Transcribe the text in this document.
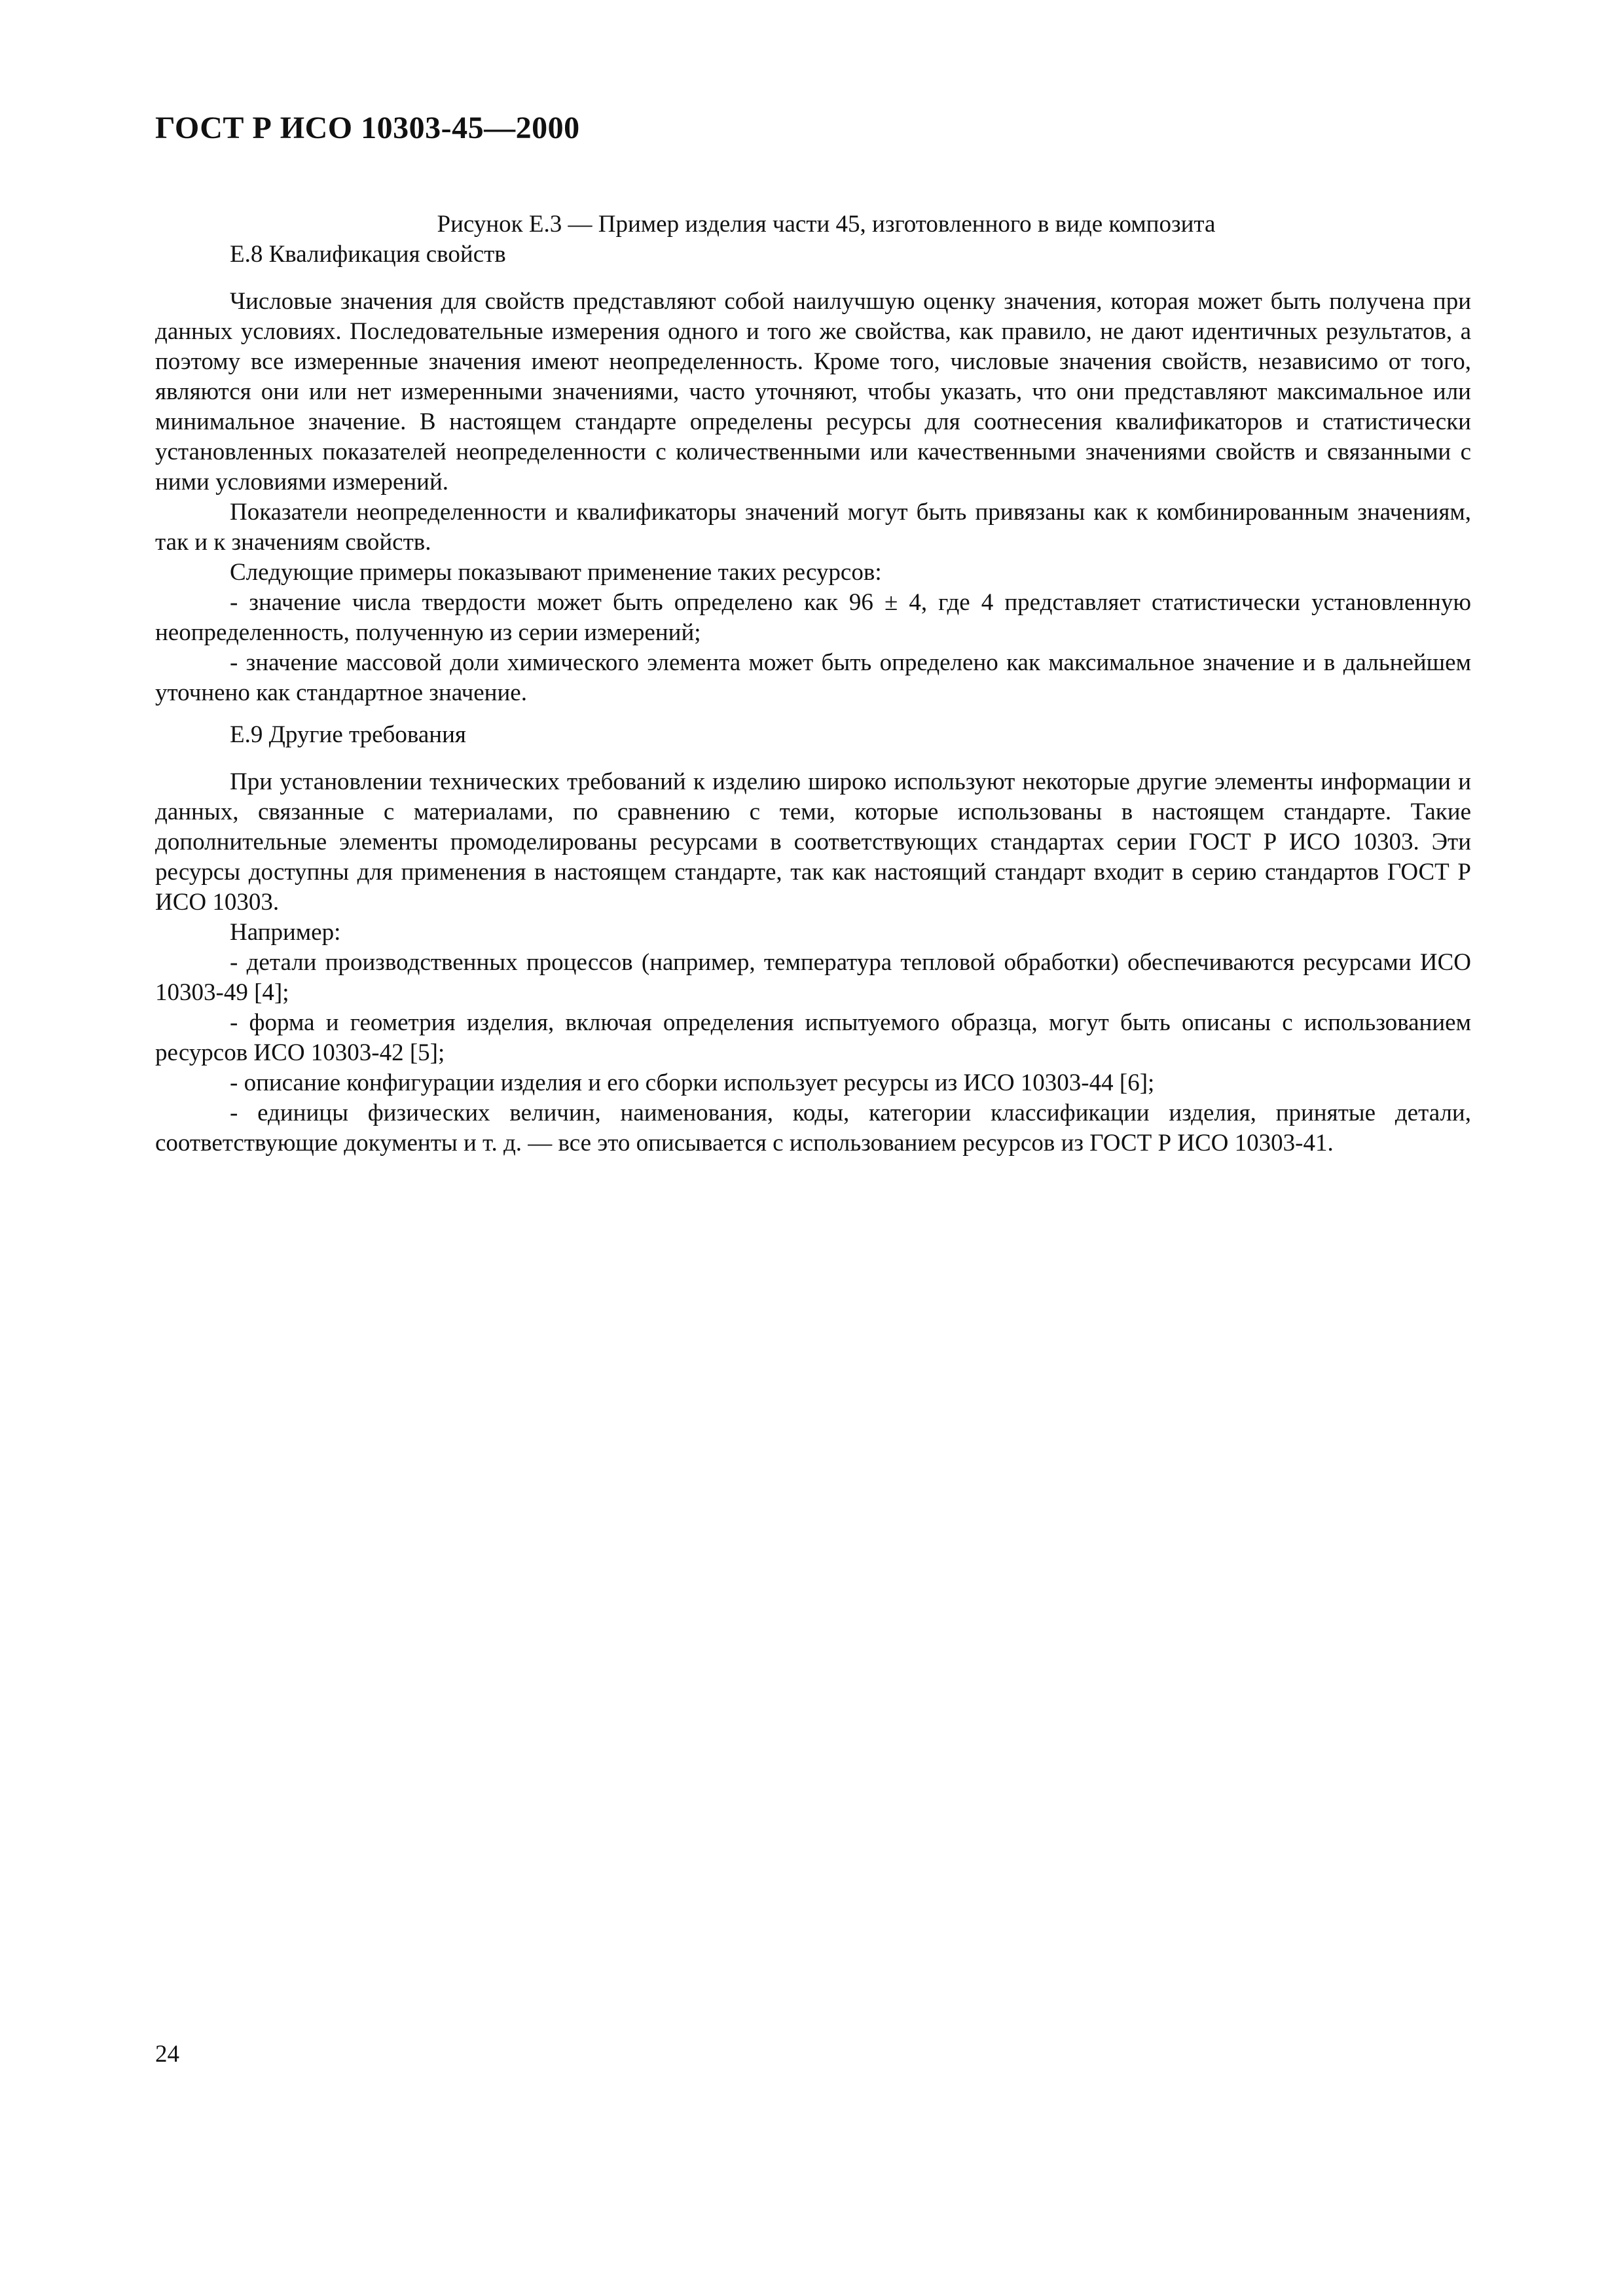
ГОСТ Р ИСО 10303-45—2000

Рисунок Е.3 — Пример изделия части 45, изготовленного в виде композита

Е.8 Квалификация свойств

Числовые значения для свойств представляют собой наилучшую оценку значения, которая может быть получена при данных условиях. Последовательные измерения одного и того же свойства, как правило, не дают идентичных результатов, а поэтому все измеренные значения имеют неопределенность. Кроме того, числовые значения свойств, независимо от того, являются они или нет измеренными значениями, часто уточняют, чтобы указать, что они представляют максимальное или минимальное значение. В настоящем стандарте определены ресурсы для соотнесения квалификаторов и статистически установленных показателей неопределенности с количественными или качественными значениями свойств и связанными с ними условиями измерений.

Показатели неопределенности и квалификаторы значений могут быть привязаны как к комбинированным значениям, так и к значениям свойств.

Следующие примеры показывают применение таких ресурсов:

- значение числа твердости может быть определено как 96 ± 4, где 4 представляет статистически установленную неопределенность, полученную из серии измерений;

- значение массовой доли химического элемента может быть определено как максимальное значение и в дальнейшем уточнено как стандартное значение.

Е.9 Другие требования

При установлении технических требований к изделию широко используют некоторые другие элементы информации и данных, связанные с материалами, по сравнению с теми, которые использованы в настоящем стандарте. Такие дополнительные элементы промоделированы ресурсами в соответствующих стандартах серии ГОСТ Р ИСО 10303. Эти ресурсы доступны для применения в настоящем стандарте, так как настоящий стандарт входит в серию стандартов ГОСТ Р ИСО 10303.

Например:

- детали производственных процессов (например, температура тепловой обработки) обеспечиваются ресурсами ИСО 10303-49 [4];

- форма и геометрия изделия, включая определения испытуемого образца, могут быть описаны с использованием ресурсов ИСО 10303-42 [5];

- описание конфигурации изделия и его сборки использует ресурсы из ИСО 10303-44 [6];

- единицы физических величин, наименования, коды, категории классификации изделия, принятые детали, соответствующие документы и т. д. — все это описывается с использованием ресурсов из ГОСТ Р ИСО 10303-41.

24
